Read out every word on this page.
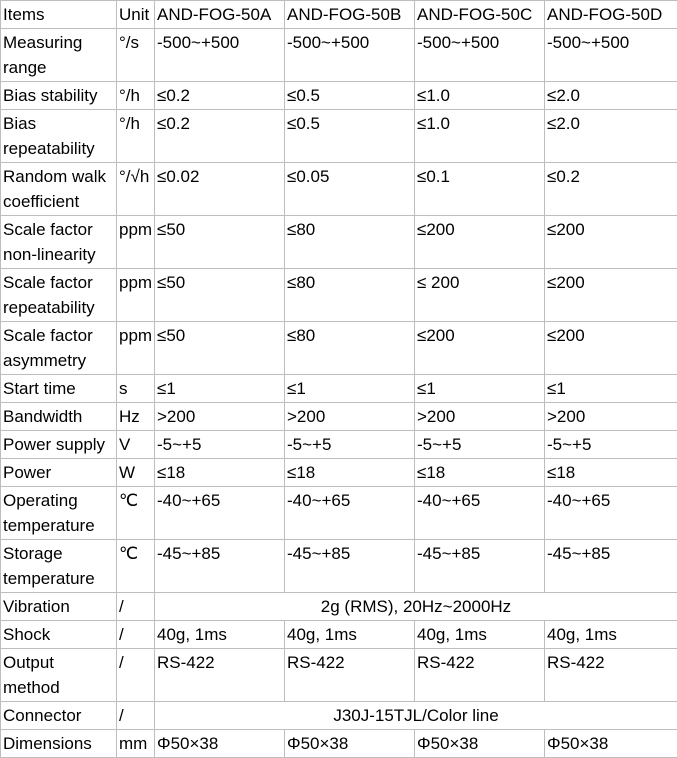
Items	Unit	AND-FOG-50A	AND-FOG-50B	AND-FOG-50C	AND-FOG-50D
Measuring range	°/s	-500~+500	-500~+500	-500~+500	-500~+500
Bias stability	°/h	≤0.2	≤0.5	≤1.0	≤2.0
Bias repeatability	°/h	≤0.2	≤0.5	≤1.0	≤2.0
Random walk coefficient	°/√h	≤0.02	≤0.05	≤0.1	≤0.2
Scale factor non-linearity	ppm	≤50	≤80	≤200	≤200
Scale factor repeatability	ppm	≤50	≤80	≤ 200	≤200
Scale factor asymmetry	ppm	≤50	≤80	≤200	≤200
Start time	s	≤1	≤1	≤1	≤1
Bandwidth	Hz	>200	>200	>200	>200
Power supply	V	-5~+5	-5~+5	-5~+5	-5~+5
Power	W	≤18	≤18	≤18	≤18
Operating temperature	℃	-40~+65	-40~+65	-40~+65	-40~+65
Storage temperature	℃	-45~+85	-45~+85	-45~+85	-45~+85
Vibration	/	2g (RMS), 20Hz~2000Hz			
Shock	/	40g, 1ms	40g, 1ms	40g, 1ms	40g, 1ms
Output method	/	RS-422	RS-422	RS-422	RS-422
Connector	/	J30J-15TJL/Color line			
Dimensions	mm	Φ50×38	Φ50×38	Φ50×38	Φ50×38
